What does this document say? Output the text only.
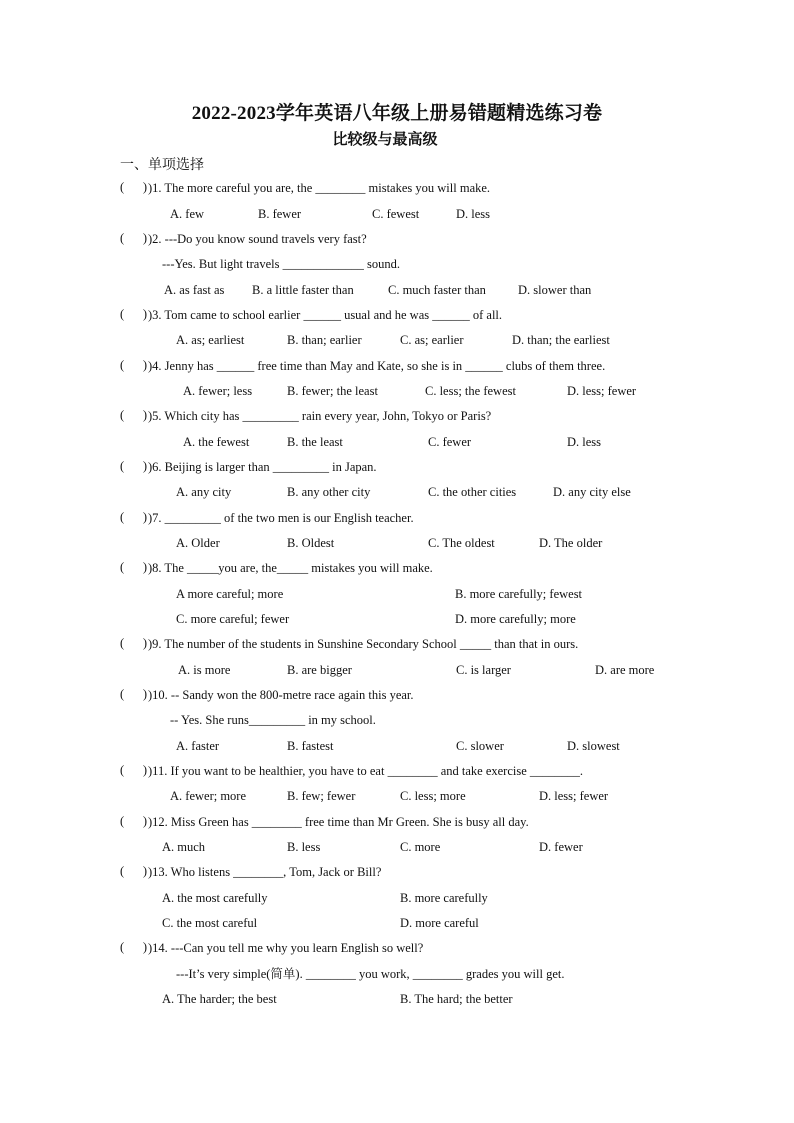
2022-2023学年英语八年级上册易错题精选练习卷
比较级与最高级
一、单项选择
(      ) )1. The more careful you are, the ________ mistakes you will make.
A. few	B. fewer	C. fewest	D. less
(      ) )2. ---Do you know sound travels very fast?
---Yes. But light travels _____________ sound.
A. as fast as B. a little faster than	C. much faster than	D. slower than
(      ) )3. Tom came to school earlier ______ usual and he was ______ of all.
A. as; earliest	B. than; earlier	C. as; earlier	D. than; the earliest
(      ) )4. Jenny has ______ free time than May and Kate, so she is in ______ clubs of them three.
A. fewer; less	B. fewer; the least	C. less; the fewest	D. less; fewer
(      ) )5. Which city has _________ rain every year, John, Tokyo or Paris?
A. the fewest	B. the least	C. fewer	D. less
(      ) )6. Beijing is larger than _________ in Japan.
A. any city	B. any other city	C. the other cities	D. any city else
(      ) )7. _________ of the two men is our English teacher.
A. Older	B. Oldest	C. The oldest	D. The older
(      ) )8. The _____you are, the_____ mistakes you will make.
A more careful; more	B. more carefully; fewest
C. more careful; fewer	D. more carefully; more
(      ) )9. The number of the students in Sunshine Secondary School _____ than that in ours.
A. is more	B. are bigger	C. is larger	D. are more
(      ) )10. -- Sandy won the 800-metre race again this year.
-- Yes. She runs_________ in my school.
A. faster	B. fastest	C. slower	D. slowest
(      ) )11. If you want to be healthier, you have to eat ________ and take exercise ________.
A. fewer; more	B. few; fewer	C. less; more	D. less; fewer
(      ) )12. Miss Green has ________ free time than Mr Green. She is busy all day.
A. much	B. less	C. more	D. fewer
(      ) )13. Who listens ________, Tom, Jack or Bill?
A. the most carefully	B. more carefully
C. the most careful	D. more careful
(      ) )14. ---Can you tell me why you learn English so well?
---It’s very simple(简单). ________ you work, ________ grades you will get.
A. The harder; the best	B. The hard; the better
